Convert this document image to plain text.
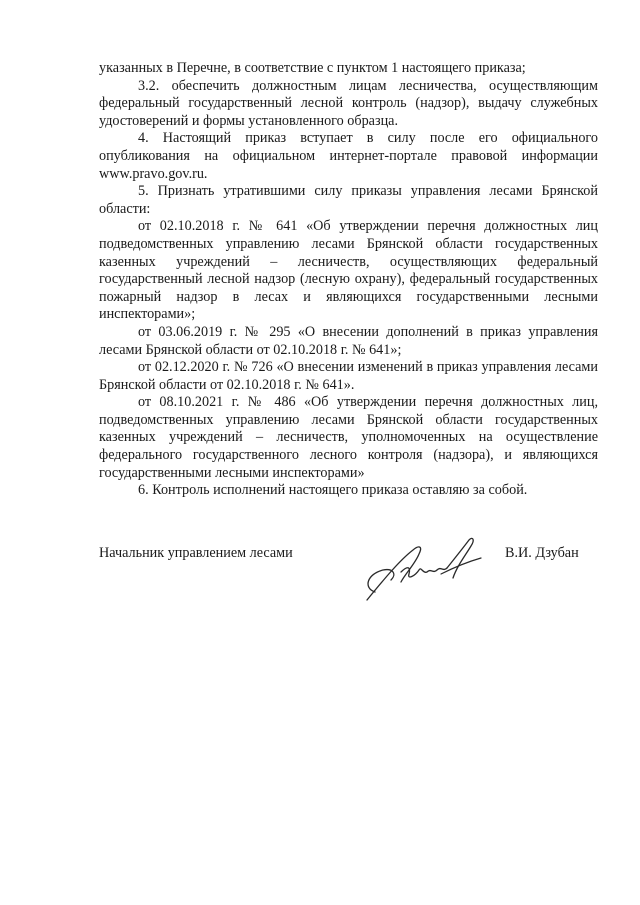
указанных в Перечне, в соответствие с пунктом 1 настоящего приказа;

3.2. обеспечить должностным лицам лесничества, осуществляющим федеральный государственный лесной контроль (надзор), выдачу служебных удостоверений и формы установленного образца.

4. Настоящий приказ вступает в силу после его официального опубликования на официальном интернет-портале правовой информации www.pravo.gov.ru.

5. Признать утратившими силу приказы управления лесами Брянской области:

от 02.10.2018 г. № 641 «Об утверждении перечня должностных лиц подведомственных управлению лесами Брянской области государственных казенных учреждений – лесничеств, осуществляющих федеральный государственный лесной надзор (лесную охрану), федеральный государственных пожарный надзор в лесах и являющихся государственными лесными инспекторами»;

от 03.06.2019 г. № 295 «О внесении дополнений в приказ управления лесами Брянской области от 02.10.2018 г. № 641»;

от 02.12.2020 г. № 726 «О внесении изменений в приказ управления лесами Брянской области от 02.10.2018 г. № 641».

от 08.10.2021 г. № 486 «Об утверждении перечня должностных лиц, подведомственных управлению лесами Брянской области государственных казенных учреждений – лесничеств, уполномоченных на осуществление федерального государственного лесного контроля (надзора), и являющихся государственными лесными инспекторами»

6. Контроль исполнений настоящего приказа оставляю за собой.

Начальник управлением лесами	В.И. Дзубан
